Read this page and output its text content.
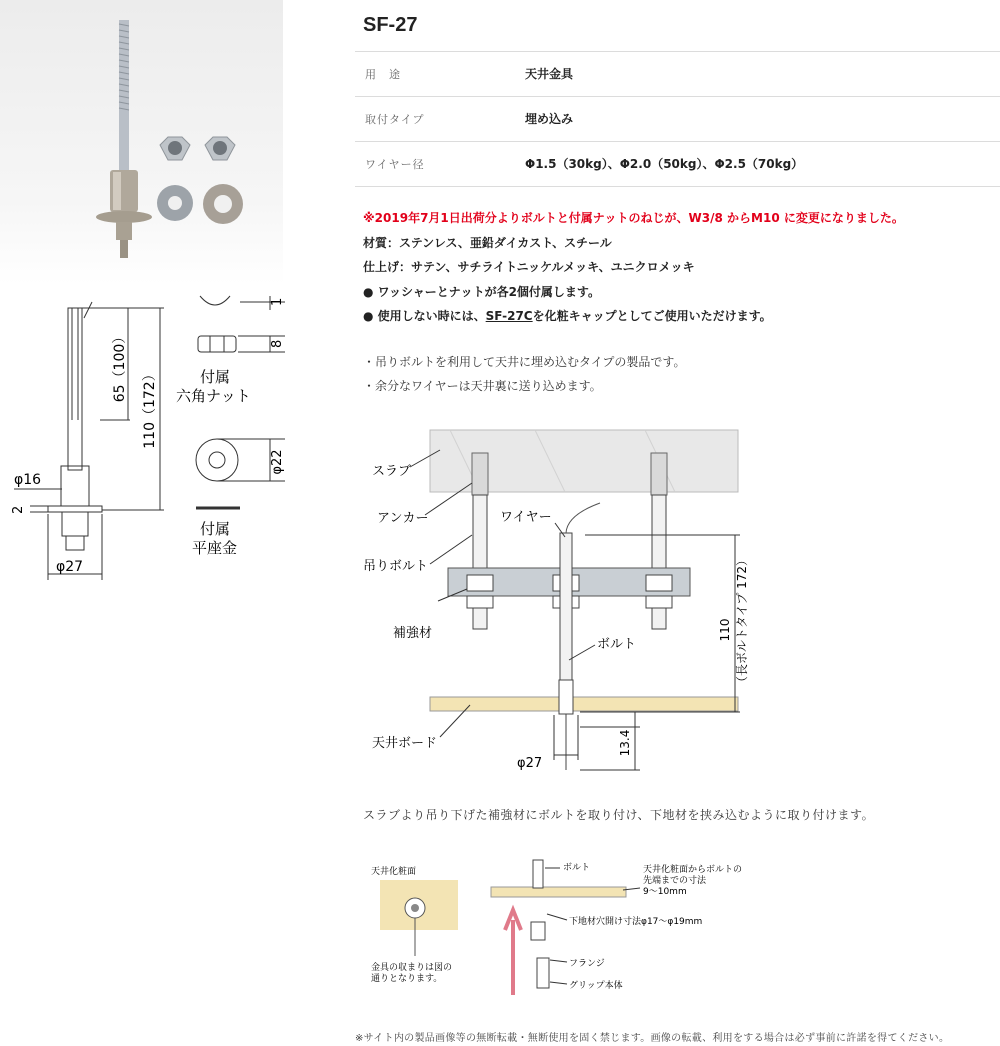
65（100）
110（172）
φ16
2
φ27
1
8
付属
六角ナット
φ22
付属
平座金
SF-27
用　途	天井金具
取付タイプ	埋め込み
ワイヤー径	Φ1.5（30kg）、Φ2.0（50kg）、Φ2.5（70kg）
※2019年7月1日出荷分よりボルトと付属ナットのねじが、W3/8 からM10 に変更になりました。
材質：ステンレス、亜鉛ダイカスト、スチール
仕上げ：サテン、サチライトニッケルメッキ、ユニクロメッキ
● ワッシャーとナットが各2個付属します。
● 使用しない時には、SF-27Cを化粧キャップとしてご使用いただけます。
・吊りボルトを利用して天井に埋め込むタイプの製品です。
・余分なワイヤーは天井裏に送り込めます。
スラブ
アンカー	ワイヤー
吊りボルト
補強材
ボルト
天井ボード
φ27
13.4
110 （長ボルトタイプ 172）
スラブより吊り下げた補強材にボルトを取り付け、下地材を挟み込むように取り付けます。
天井化粧面
金具の収まりは図の
通りとなります。
ボルト	天井化粧面からボルトの
先端までの寸法
9～10mm
下地材穴開け寸法φ17～φ19mm
フランジ
グリップ本体
※サイト内の製品画像等の無断転載・無断使用を固く禁じます。画像の転載、利用をする場合は必ず事前に許諾を得てください。
